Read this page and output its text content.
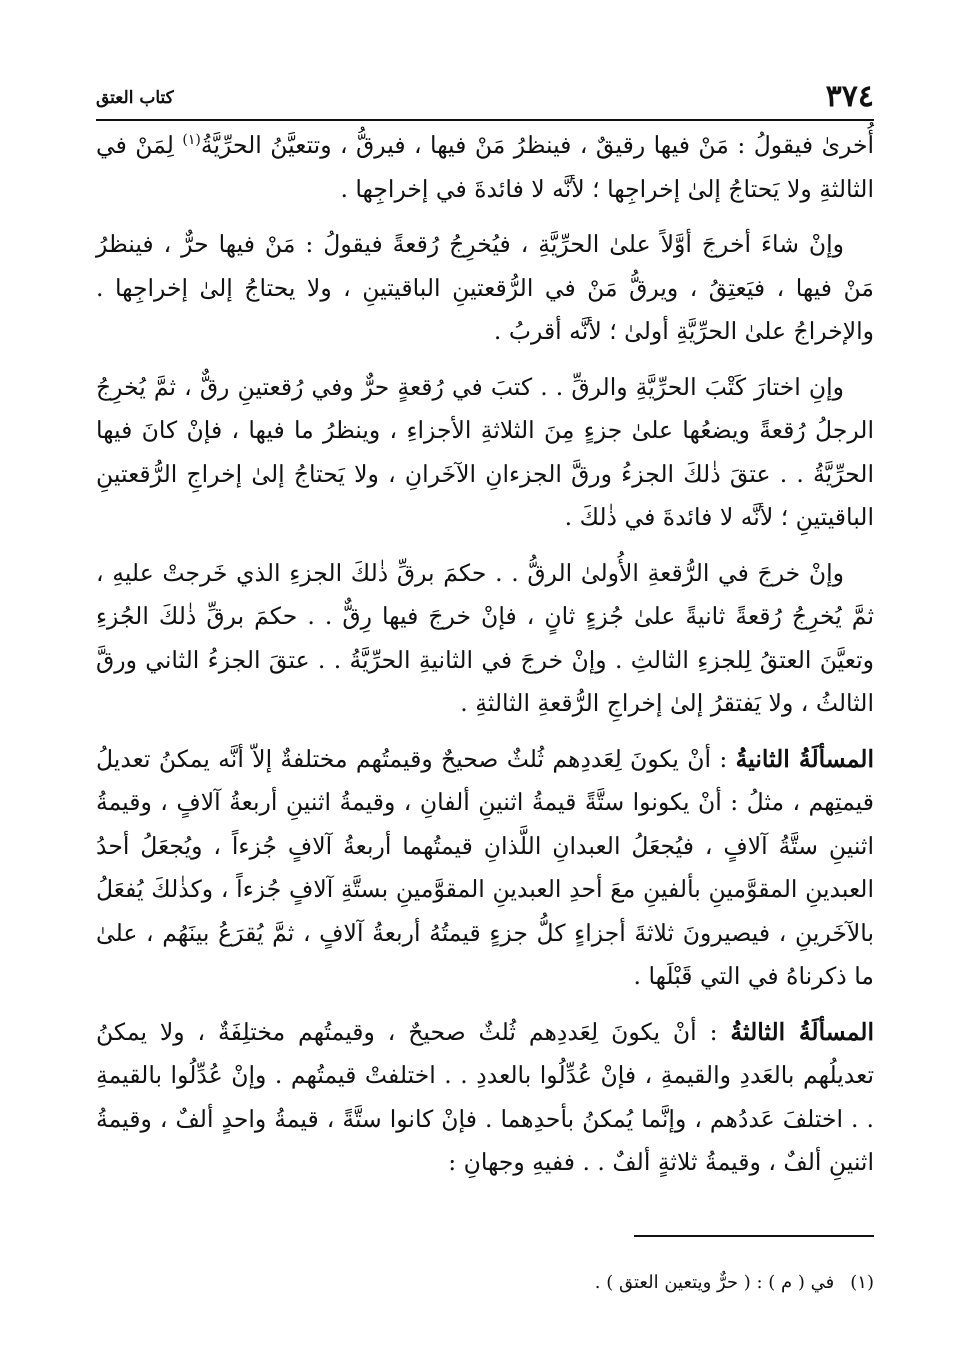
٣٧٤
كتاب العتق

أُخرىٰ فيقولُ : مَنْ فيها رقيقٌ ، فينظرُ مَنْ فيها ، فيرقُّ ، وتتعيَّنُ الحرِّيَّةُ$^{(١)}$ لِمَنْ في الثالثةِ ولا يَحتاجُ إلىٰ إخراجِها ؛ لأنَّه لا فائدةَ في إخراجِها .

وإنْ شاءَ أخرجَ أوَّلاً علىٰ الحرِّيَّةِ ، فيُخرِجُ رُقعةً فيقولُ : مَنْ فيها حرٌّ ، فينظرُ مَنْ فيها ، فيَعتِقُ ، ويرقُّ مَنْ في الرُّقعتينِ الباقيتينِ ، ولا يحتاجُ إلىٰ إخراجِها . والإخراجُ علىٰ الحرِّيَّةِ أولىٰ ؛ لأنَّه أقربُ .

وإنِ اختارَ كَتْبَ الحرِّيَّةِ والرقِّ . . كتبَ في رُقعةٍ حرٌّ وفي رُقعتينِ رقٌّ ، ثمَّ يُخرِجُ الرجلُ رُقعةً ويضعُها علىٰ جزءٍ مِنَ الثلاثةِ الأجزاءِ ، وينظرُ ما فيها ، فإنْ كانَ فيها الحرِّيَّةُ . . عتقَ ذٰلكَ الجزءُ ورقَّ الجزءانِ الآخَرانِ ، ولا يَحتاجُ إلىٰ إخراجِ الرُّقعتينِ الباقيتينِ ؛ لأنَّه لا فائدةَ في ذٰلكَ .

وإنْ خرجَ في الرُّقعةِ الأُولىٰ الرقُّ . . حكمَ برقِّ ذٰلكَ الجزءِ الذي خَرجتْ عليهِ ، ثمَّ يُخرِجُ رُقعةً ثانيةً علىٰ جُزءٍ ثانٍ ، فإنْ خرجَ فيها رِقٌّ . . حكمَ برقِّ ذٰلكَ الجُزءِ وتعيَّنَ العتقُ لِلجزءِ الثالثِ . وإنْ خرجَ في الثانيةِ الحرِّيَّةُ . . عتقَ الجزءُ الثاني ورقَّ الثالثُ ، ولا يَفتقرُ إلىٰ إخراجِ الرُّقعةِ الثالثةِ .

المسألَةُ الثانيةُ : أنْ يكونَ لِعَددِهم ثُلثٌ صحيحٌ وقيمتُهم مختلفةٌ إلاّ أنَّه يمكنُ تعديلُ قيمتِهم ، مثلُ : أنْ يكونوا ستَّةً قيمةُ اثنينِ ألفانِ ، وقيمةُ اثنينِ أربعةُ آلافٍ ، وقيمةُ اثنينِ ستَّةُ آلافٍ ، فيُجعَلُ العبدانِ اللَّذانِ قيمتُهما أربعةُ آلافٍ جُزءاً ، ويُجعَلُ أحدُ العبدينِ المقوَّمينِ بألفينِ معَ أحدِ العبدينِ المقوَّمينِ بستَّةِ آلافٍ جُزءاً ، وكذٰلكَ يُفعَلُ بالآخَرينِ ، فيصيرونَ ثلاثةَ أجزاءٍ كلُّ جزءٍ قيمتُهُ أربعةُ آلافٍ ، ثمَّ يُقرَعُ بينَهُم ، علىٰ ما ذكرناهُ في التي قَبْلَها .

المسألَةُ الثالثةُ : أنْ يكونَ لِعَددِهم ثُلثٌ صحيحٌ ، وقيمتُهم مختلِفَةٌ ، ولا يمكنُ تعديلُهم بالعَددِ والقيمةِ ، فإنْ عُدِّلُوا بالعددِ . . اختلفتْ قيمتُهم . وإنْ عُدِّلُوا بالقيمةِ . . اختلفَ عَددُهم ، وإنَّما يُمكنُ بأحدِهما . فإنْ كانوا ستَّةً ، قيمةُ واحدٍ ألفٌ ، وقيمةُ اثنينِ ألفٌ ، وقيمةُ ثلاثةٍ ألفٌ . . ففيهِ وجهانِ :

(١)في ( م ) : ( حرٌّ ويتعين العتق ) .
